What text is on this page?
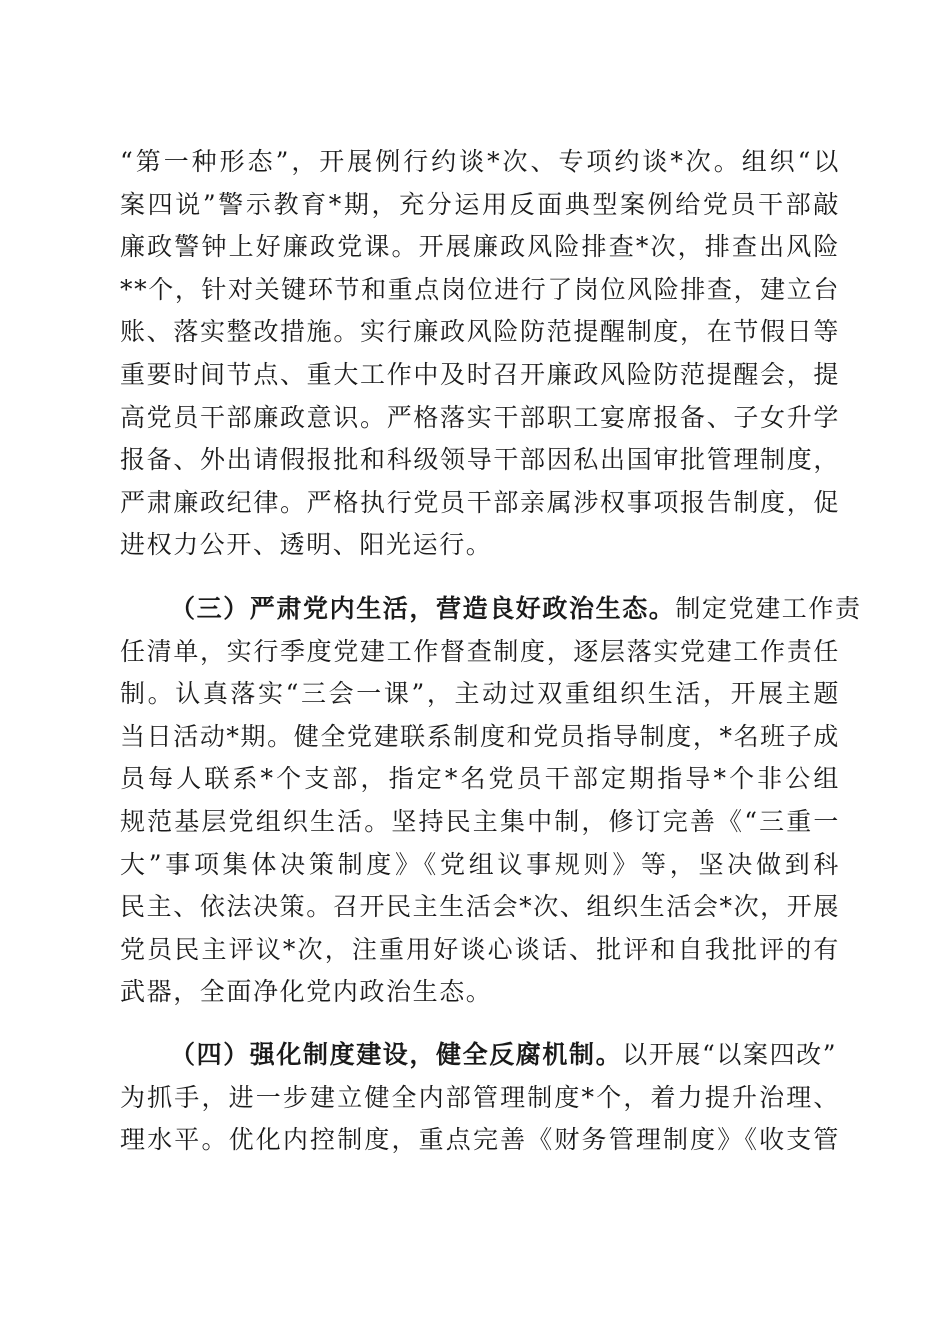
“第一种形态”，开展例行约谈*次、专项约谈*次。组织“以
案四说”警示教育*期，充分运用反面典型案例给党员干部敲
廉政警钟上好廉政党课。开展廉政风险排查*次，排查出风险
**个，针对关键环节和重点岗位进行了岗位风险排查，建立台
账、落实整改措施。实行廉政风险防范提醒制度，在节假日等
重要时间节点、重大工作中及时召开廉政风险防范提醒会，提
高党员干部廉政意识。严格落实干部职工宴席报备、子女升学
报备、外出请假报批和科级领导干部因私出国审批管理制度，
严肃廉政纪律。严格执行党员干部亲属涉权事项报告制度，促
进权力公开、透明、阳光运行。
（三）严肃党内生活，营造良好政治生态。制定党建工作责
任清单，实行季度党建工作督查制度，逐层落实党建工作责任
制。认真落实“三会一课”，主动过双重组织生活，开展主题
当日活动*期。健全党建联系制度和党员指导制度，*名班子成
员每人联系*个支部，指定*名党员干部定期指导*个非公组
规范基层党组织生活。坚持民主集中制，修订完善《“三重一
大”事项集体决策制度》《党组议事规则》等，坚决做到科
民主、依法决策。召开民主生活会*次、组织生活会*次，开展
党员民主评议*次，注重用好谈心谈话、批评和自我批评的有
武器，全面净化党内政治生态。
（四）强化制度建设，健全反腐机制。以开展“以案四改”
为抓手，进一步建立健全内部管理制度*个，着力提升治理、
理水平。优化内控制度，重点完善《财务管理制度》《收支管
